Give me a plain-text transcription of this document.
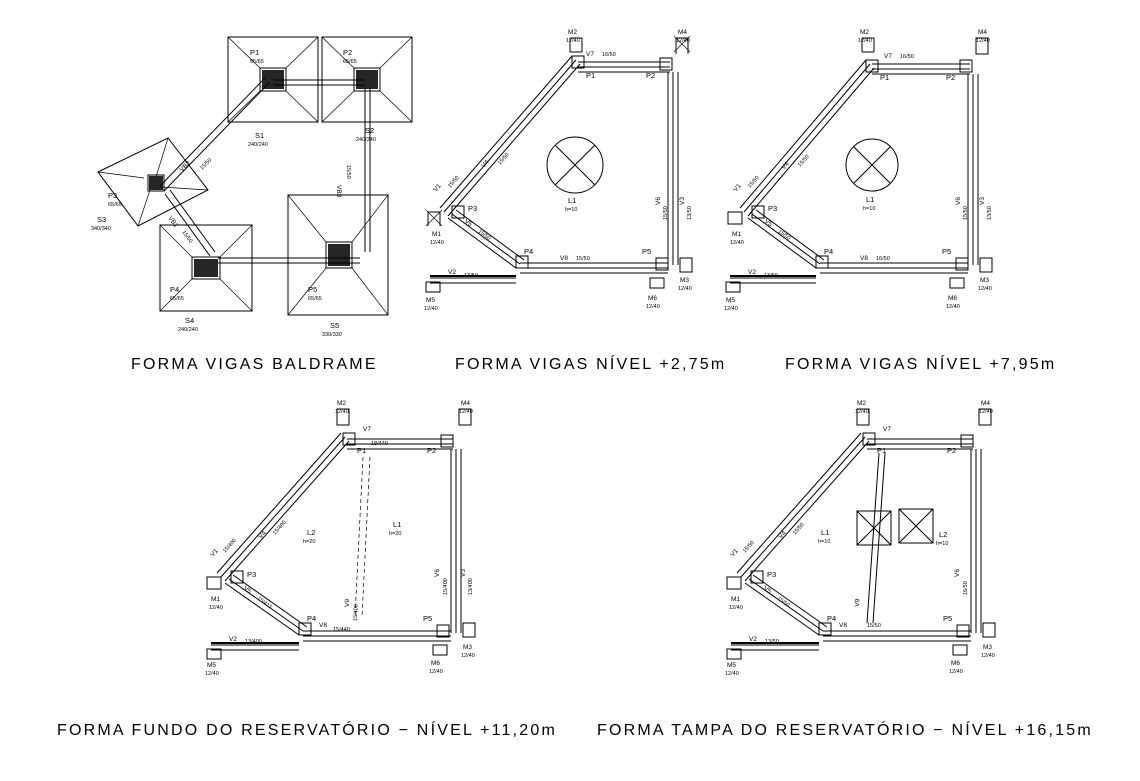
P1
65/65
S1
240/240
P2
65/65
S2
240/240
P3
65/65
S3
340/340
P4
65/65
S4
240/240
P5
65/65
S5
330/330
VB2 15/50
VB1
15/50
VB3
15/50
M2
12/40
M4
12/40
P1	P2
P3
P4	P5
L1
h=10
V7 16/50
V4 15/50
V1 15/50
V5
15/50
V2 13/50
V8 15/50
V6
15/50
V3
13/50
M1
12/40
M5
12/40
M6
12/40
M3
12/40
M2
12/40
M4
12/40
P1	P2
P3
P4	P5
L1
h=10
V7 16/50
V4 15/50
V1 15/50
V5
15/50
V2 13/50
V8 16/50
V6
15/50
V3
13/50
M1
12/40
M5
12/40
M6
12/40
M3
12/40
FORMA VIGAS BALDRAME	FORMA VIGAS NÍVEL +2,75m	FORMA VIGAS NÍVEL +7,95m
M2
12/40
M4
12/40
P1	P2
P3
P4	P5
L2
h=20
L1
h=20
V7
18/440
V4 15/400
V1 15/400
V5
15/415
V2 13/400
V8
15/440
V9
15/400
V6
15/400
V3
13/400
M1
12/40
M5
12/40
M6
12/40
M3
12/40
M2
12/40
M4
12/40
P1	P2
P3
P4	P5
L1
h=10
L2
h=10
V7
V4 15/50
V1 15/50
V5
15/50
V2 13/50
V8	15/50
V9
V6
16/50
M1
12/40
M5
12/40
M6
12/40
M3
12/40
FORMA FUNDO DO RESERVATÓRIO − NÍVEL +11,20m FORMA TAMPA DO RESERVATÓRIO − NÍVEL +16,15m
